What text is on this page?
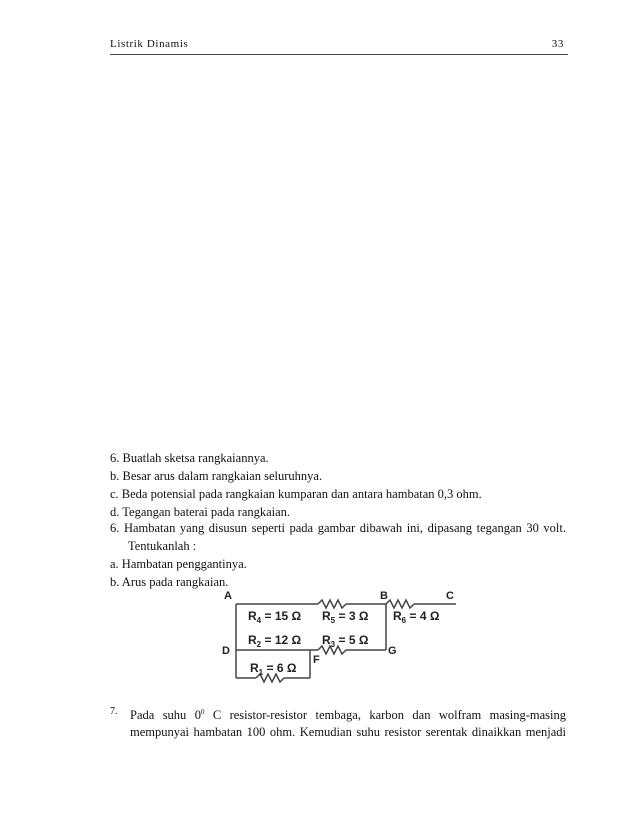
Listrik Dinamis	33
6. Buatlah sketsa rangkaiannya.
b. Besar arus dalam rangkaian seluruhnya.
c. Beda potensial pada rangkaian kumparan dan antara hambatan 0,3 ohm.
d. Tegangan baterai pada rangkaian.
6. Hambatan yang disusun seperti pada gambar dibawah ini, dipasang tegangan 30 volt.
Tentukanlah :
a. Hambatan penggantinya.
b. Arus pada rangkaian.
A	B	C
D
F
G
$R_4 = 15$ Ω $R_5 = 3$ Ω $R_6 = 4$ Ω
$R_2 = 12$ Ω $R_3 = 5$ Ω
$R_1 = 6$ Ω
7. Pada suhu $0^0$ C resistor-resistor tembaga, karbon dan wolfram masing-masing
mempunyai hambatan 100 ohm. Kemudian suhu resistor serentak dinaikkan menjadi
